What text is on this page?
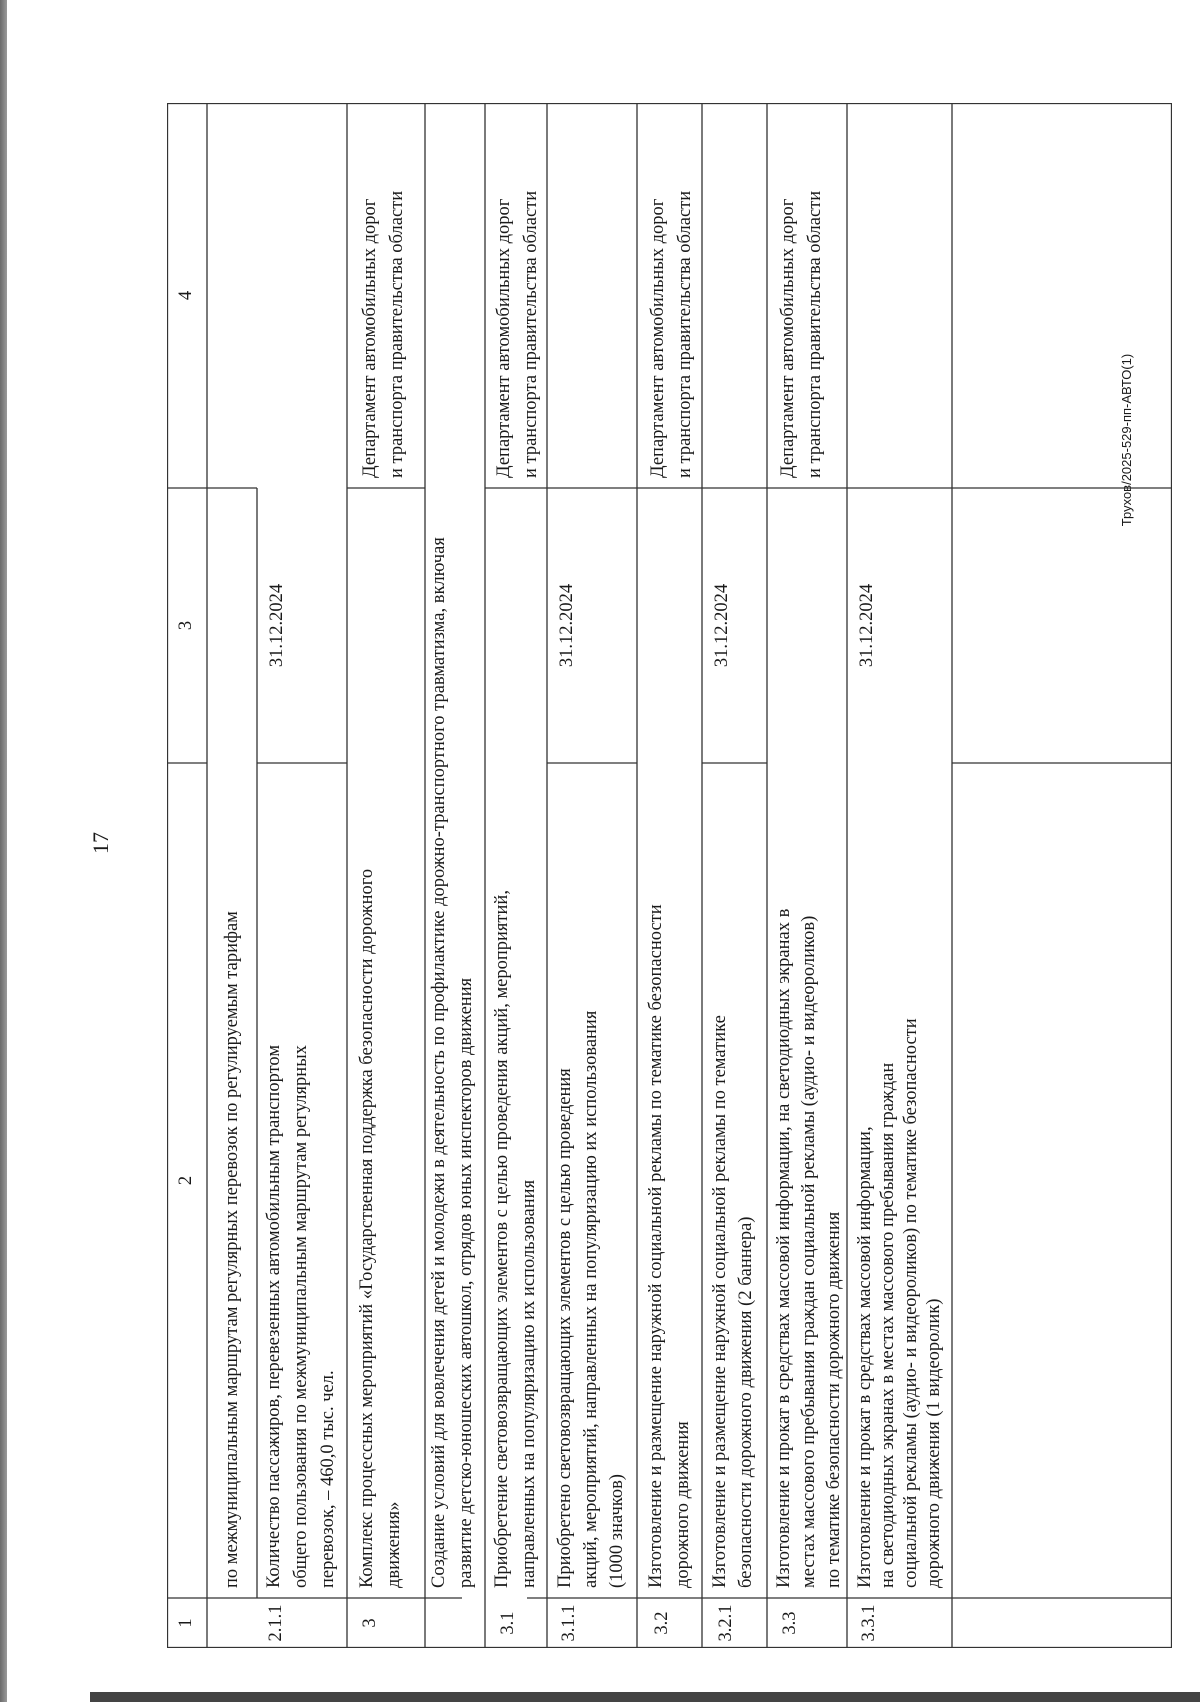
17
Трухов/2025-529-пп-АВТО(1)
1
2
3
4
по межмуниципальным маршрутам регулярных перевозок по регулируемым тарифам
2.1.1
Количество пассажиров, перевезенных автомобильным транспортом общего пользования по межмуниципальным маршрутам регулярных перевозок, – 460,0 тыс. чел.
31.12.2024
3
Комплекс процессных мероприятий «Государственная поддержка безопасности дорожного движения»
Департамент автомобильных дорог и транспорта правительства области
Создание условий для вовлечения детей и молодежи в деятельность по профилактике дорожно-транспортного травматизма, включая развитие детско-юношеских автошкол, отрядов юных инспекторов движения
3.1
Приобретение световозвращающих элементов с целью проведения акций, мероприятий, направленных на популяризацию их использования
Департамент автомобильных дорог и транспорта правительства области
3.1.1
Приобретено световозвращающих элементов с целью проведения акций, мероприятий, направленных на популяризацию их использования (1000 значков)
31.12.2024
3.2
Изготовление и размещение наружной социальной рекламы по тематике безопасности дорожного движения
Департамент автомобильных дорог и транспорта правительства области
3.2.1
Изготовление и размещение наружной социальной рекламы по тематике безопасности дорожного движения (2 баннера)
31.12.2024
3.3
Изготовление и прокат в средствах массовой информации, на светодиодных экранах в местах массового пребывания граждан социальной рекламы (аудио- и видеороликов) по тематике безопасности дорожного движения
Департамент автомобильных дорог и транспорта правительства области
3.3.1
Изготовление и прокат в средствах массовой информации, на светодиодных экранах в местах массового пребывания граждан социальной рекламы (аудио- и видеороликов) по тематике безопасности дорожного движения (1 видеоролик)
31.12.2024
